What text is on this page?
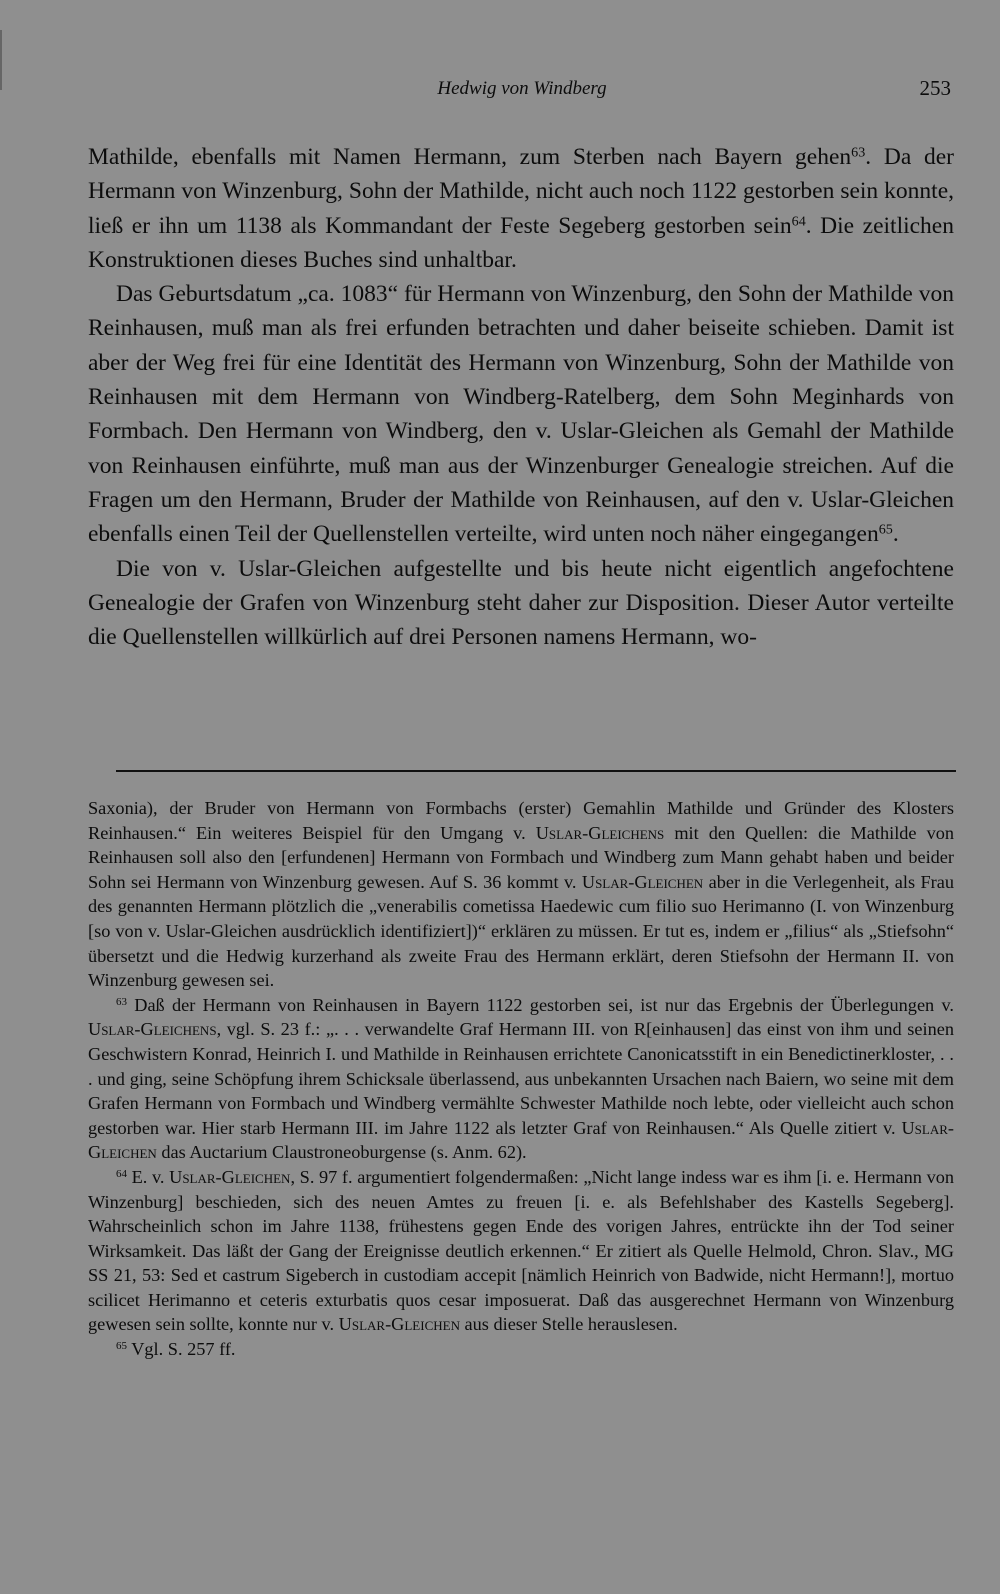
Hedwig von Windberg	253

Mathilde, ebenfalls mit Namen Hermann, zum Sterben nach Bayern gehen$^{63}$. Da der Hermann von Winzenburg, Sohn der Mathilde, nicht auch noch 1122 gestorben sein konnte, ließ er ihn um 1138 als Kommandant der Feste Segeberg gestorben sein$^{64}$. Die zeitlichen Konstruktionen dieses Buches sind unhaltbar.

Das Geburtsdatum „ca. 1083“ für Hermann von Winzenburg, den Sohn der Mathilde von Reinhausen, muß man als frei erfunden betrachten und daher beiseite schieben. Damit ist aber der Weg frei für eine Identität des Hermann von Winzenburg, Sohn der Mathilde von Reinhausen mit dem Hermann von Windberg-Ratelberg, dem Sohn Meginhards von Formbach. Den Hermann von Windberg, den v. Uslar-Gleichen als Gemahl der Mathilde von Reinhausen einführte, muß man aus der Winzenburger Genealogie streichen. Auf die Fragen um den Hermann, Bruder der Mathilde von Reinhausen, auf den v. Uslar-Gleichen ebenfalls einen Teil der Quellenstellen verteilte, wird unten noch näher eingegangen$^{65}$.

Die von v. Uslar-Gleichen aufgestellte und bis heute nicht eigentlich angefochtene Genealogie der Grafen von Winzenburg steht daher zur Disposition. Dieser Autor verteilte die Quellenstellen willkürlich auf drei Personen namens Hermann, wo-

Saxonia), der Bruder von Hermann von Formbachs (erster) Gemahlin Mathilde und Gründer des Klosters Reinhausen.“ Ein weiteres Beispiel für den Umgang v. Uslar-Gleichens mit den Quellen: die Mathilde von Reinhausen soll also den [erfundenen] Hermann von Formbach und Windberg zum Mann gehabt haben und beider Sohn sei Hermann von Winzenburg gewesen. Auf S. 36 kommt v. Uslar-Gleichen aber in die Verlegenheit, als Frau des genannten Hermann plötzlich die „venerabilis cometissa Haedewic cum filio suo Herimanno (I. von Winzenburg [so von v. Uslar-Gleichen ausdrücklich identifiziert])“ erklären zu müssen. Er tut es, indem er „filius“ als „Stiefsohn“ übersetzt und die Hedwig kurzerhand als zweite Frau des Hermann erklärt, deren Stiefsohn der Hermann II. von Winzenburg gewesen sei.

$^{63}$ Daß der Hermann von Reinhausen in Bayern 1122 gestorben sei, ist nur das Ergebnis der Überlegungen v. Uslar-Gleichens, vgl. S. 23 f.: „. . . verwandelte Graf Hermann III. von R[einhausen] das einst von ihm und seinen Geschwistern Konrad, Heinrich I. und Mathilde in Reinhausen errichtete Canonicatsstift in ein Benedictinerkloster, . . . und ging, seine Schöpfung ihrem Schicksale überlassend, aus unbekannten Ursachen nach Baiern, wo seine mit dem Grafen Hermann von Formbach und Windberg vermählte Schwester Mathilde noch lebte, oder vielleicht auch schon gestorben war. Hier starb Hermann III. im Jahre 1122 als letzter Graf von Reinhausen.“ Als Quelle zitiert v. Uslar-Gleichen das Auctarium Claustroneoburgense (s. Anm. 62).

$^{64}$ E. v. Uslar-Gleichen, S. 97 f. argumentiert folgendermaßen: „Nicht lange indess war es ihm [i. e. Hermann von Winzenburg] beschieden, sich des neuen Amtes zu freuen [i. e. als Befehlshaber des Kastells Segeberg]. Wahrscheinlich schon im Jahre 1138, frühestens gegen Ende des vorigen Jahres, entrückte ihn der Tod seiner Wirksamkeit. Das läßt der Gang der Ereignisse deutlich erkennen.“ Er zitiert als Quelle Helmold, Chron. Slav., MG SS 21, 53: Sed et castrum Sigeberch in custodiam accepit [nämlich Heinrich von Badwide, nicht Hermann!], mortuo scilicet Herimanno et ceteris exturbatis quos cesar imposuerat. Daß das ausgerechnet Hermann von Winzenburg gewesen sein sollte, konnte nur v. Uslar-Gleichen aus dieser Stelle herauslesen.

$^{65}$ Vgl. S. 257 ff.
